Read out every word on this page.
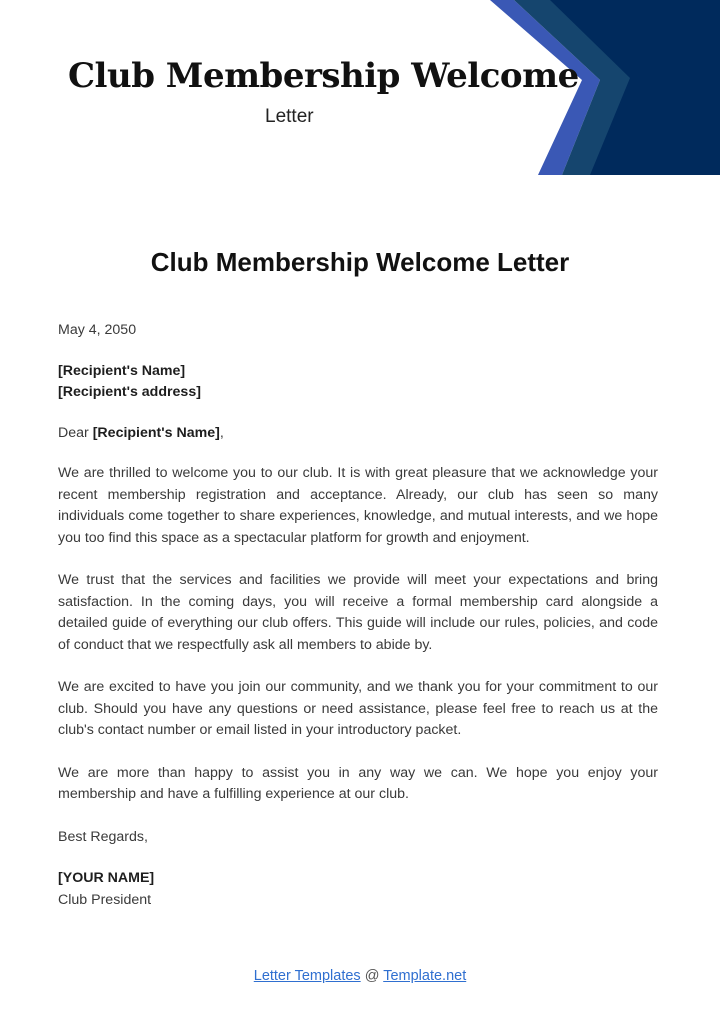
Club Membership Welcome
Letter
Club Membership Welcome Letter

May 4, 2050

[Recipient's Name]

[Recipient's address]

Dear [Recipient's Name],

We are thrilled to welcome you to our club. It is with great pleasure that we acknowledge your recent membership registration and acceptance. Already, our club has seen so many individuals come together to share experiences, knowledge, and mutual interests, and we hope you too find this space as a spectacular platform for growth and enjoyment.

We trust that the services and facilities we provide will meet your expectations and bring satisfaction. In the coming days, you will receive a formal membership card alongside a detailed guide of everything our club offers. This guide will include our rules, policies, and code of conduct that we respectfully ask all members to abide by.

We are excited to have you join our community, and we thank you for your commitment to our club. Should you have any questions or need assistance, please feel free to reach us at the club's contact number or email listed in your introductory packet.

We are more than happy to assist you in any way we can. We hope you enjoy your membership and have a fulfilling experience at our club.

Best Regards,

[YOUR NAME]

Club President

Letter Templates @ Template.net
